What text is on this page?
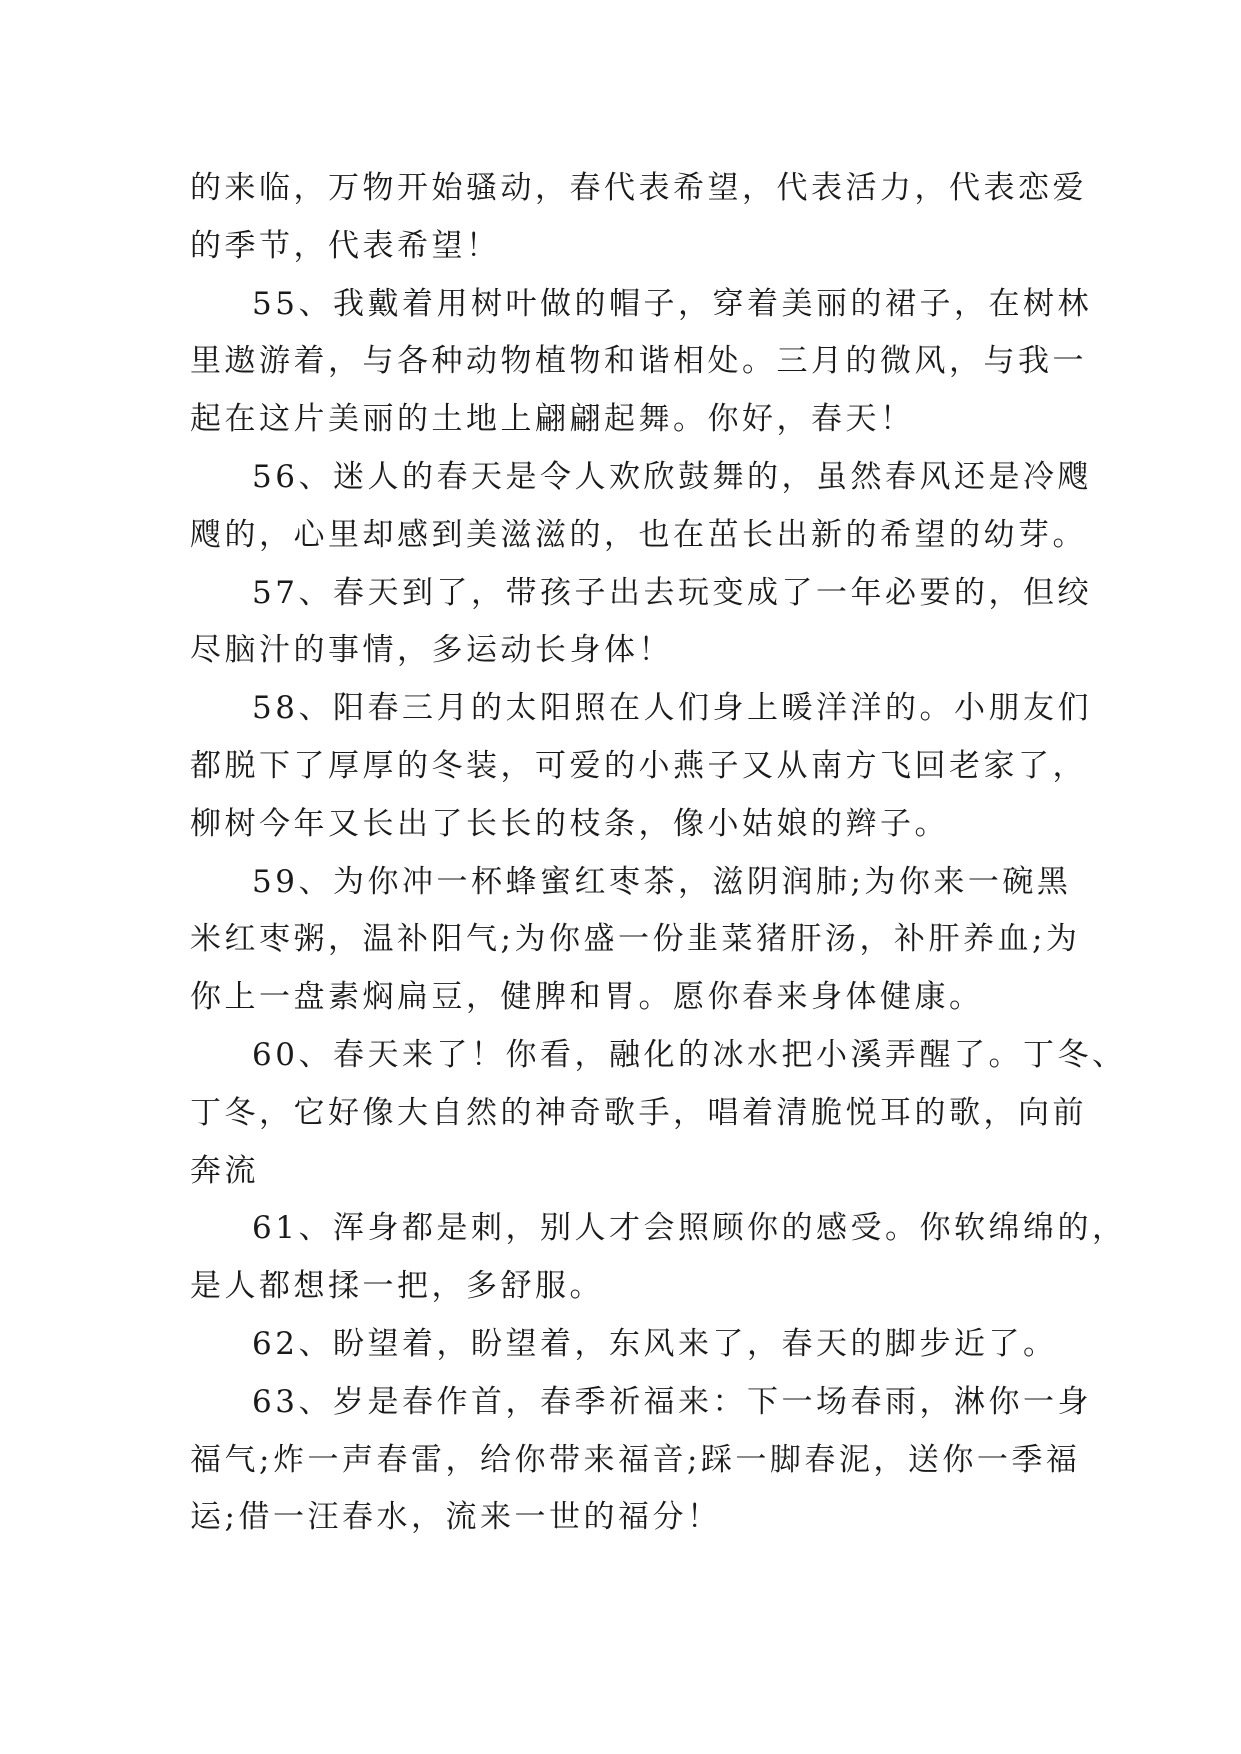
的来临，万物开始骚动，春代表希望，代表活力，代表恋爱
的季节，代表希望！
55、我戴着用树叶做的帽子，穿着美丽的裙子，在树林
里遨游着，与各种动物植物和谐相处。三月的微风，与我一
起在这片美丽的土地上翩翩起舞。你好，春天！
56、迷人的春天是令人欢欣鼓舞的，虽然春风还是冷飕
飕的，心里却感到美滋滋的，也在茁长出新的希望的幼芽。
57、春天到了，带孩子出去玩变成了一年必要的，但绞
尽脑汁的事情，多运动长身体！
58、阳春三月的太阳照在人们身上暖洋洋的。小朋友们
都脱下了厚厚的冬装，可爱的小燕子又从南方飞回老家了，
柳树今年又长出了长长的枝条，像小姑娘的辫子。
59、为你冲一杯蜂蜜红枣茶，滋阴润肺;为你来一碗黑
米红枣粥，温补阳气;为你盛一份韭菜猪肝汤，补肝养血;为
你上一盘素焖扁豆，健脾和胃。愿你春来身体健康。
60、春天来了！你看，融化的冰水把小溪弄醒了。丁冬、
丁冬，它好像大自然的神奇歌手，唱着清脆悦耳的歌，向前
奔流
61、浑身都是刺，别人才会照顾你的感受。你软绵绵的，
是人都想揉一把，多舒服。
62、盼望着，盼望着，东风来了，春天的脚步近了。
63、岁是春作首，春季祈福来：下一场春雨，淋你一身
福气;炸一声春雷，给你带来福音;踩一脚春泥，送你一季福
运;借一汪春水，流来一世的福分！
